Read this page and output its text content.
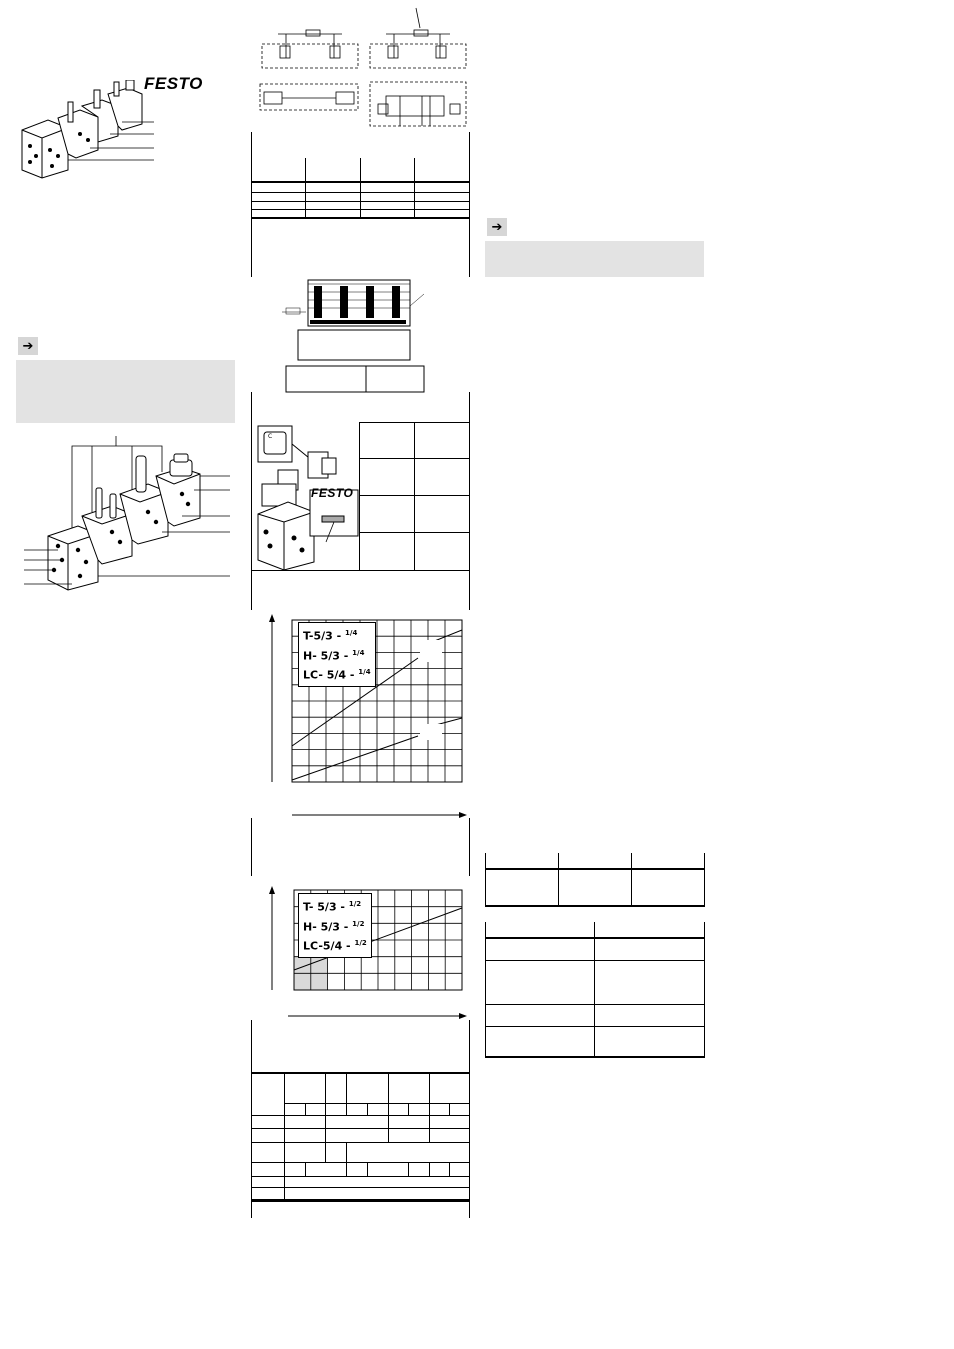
FESTO
➔
C
FESTO
T-5/3 - $^{1/4}$
H- 5/3 - $^{1/4}$
LC- 5/4 - $^{1/4}$
T- 5/3 - $^{1/2}$
H- 5/3 - $^{1/2}$
LC-5/4 - $^{1/2}$
➔
